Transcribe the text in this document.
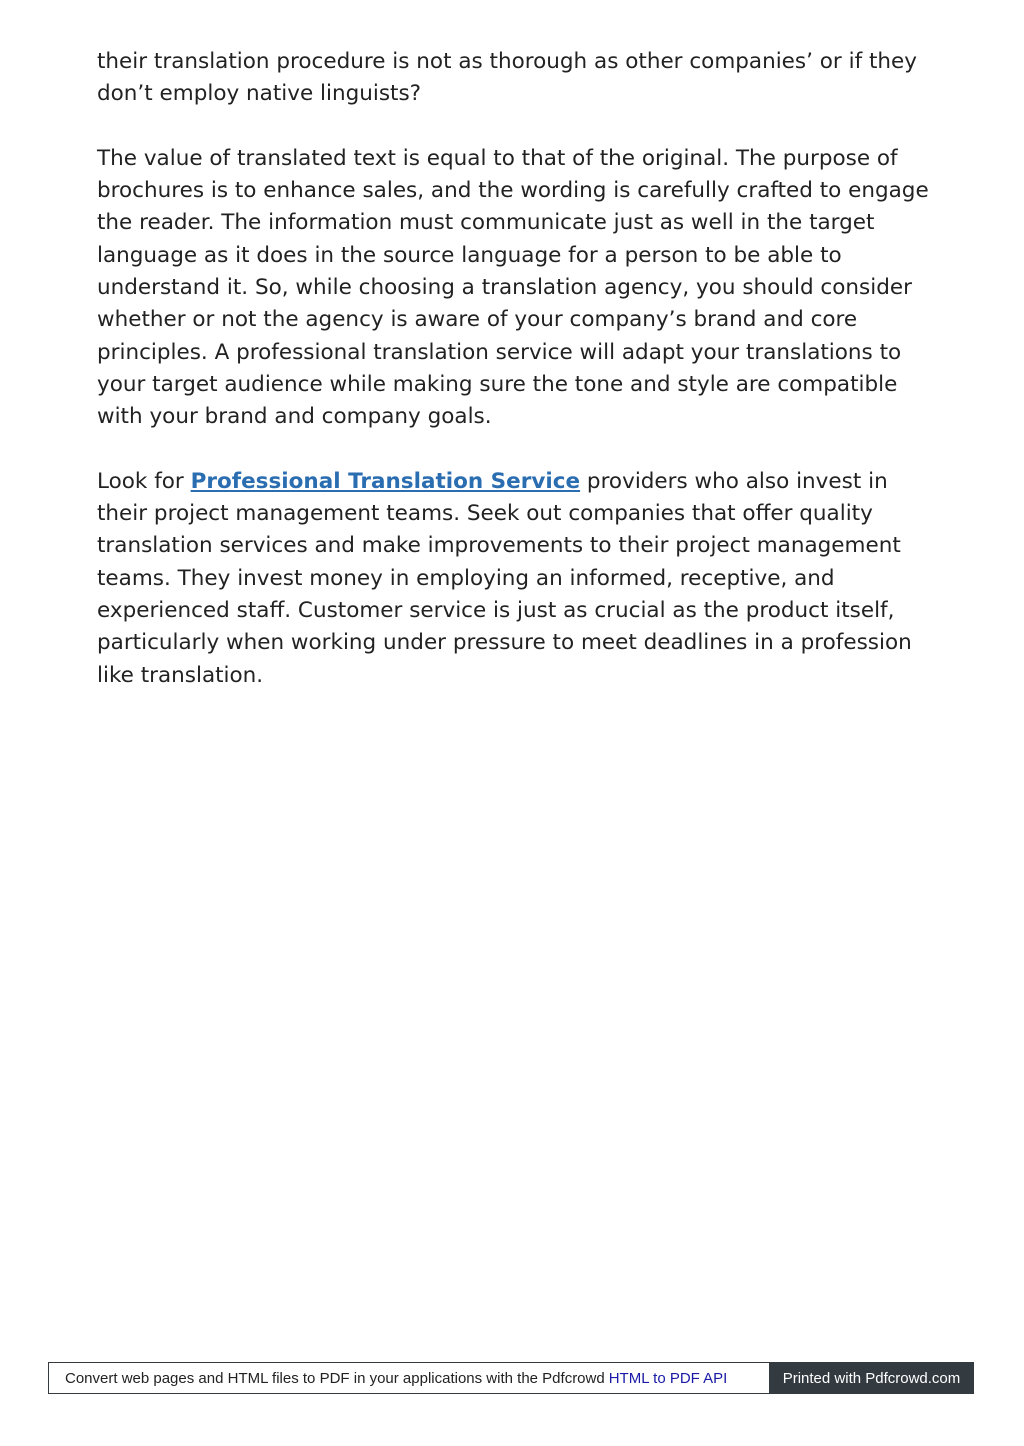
their translation procedure is not as thorough as other companies’ or if they don’t employ native linguists?

The value of translated text is equal to that of the original. The purpose of brochures is to enhance sales, and the wording is carefully crafted to engage the reader. The information must communicate just as well in the target language as it does in the source language for a person to be able to understand it. So, while choosing a translation agency, you should consider whether or not the agency is aware of your company’s brand and core principles. A professional translation service will adapt your translations to your target audience while making sure the tone and style are compatible with your brand and company goals.

Look for Professional Translation Service providers who also invest in their project management teams. Seek out companies that offer quality translation services and make improvements to their project management teams. They invest money in employing an informed, receptive, and experienced staff. Customer service is just as crucial as the product itself, particularly when working under pressure to meet deadlines in a profession like translation.

Convert web pages and HTML files to PDF in your applications with the Pdfcrowd HTML to PDF API	Printed with Pdfcrowd.com
